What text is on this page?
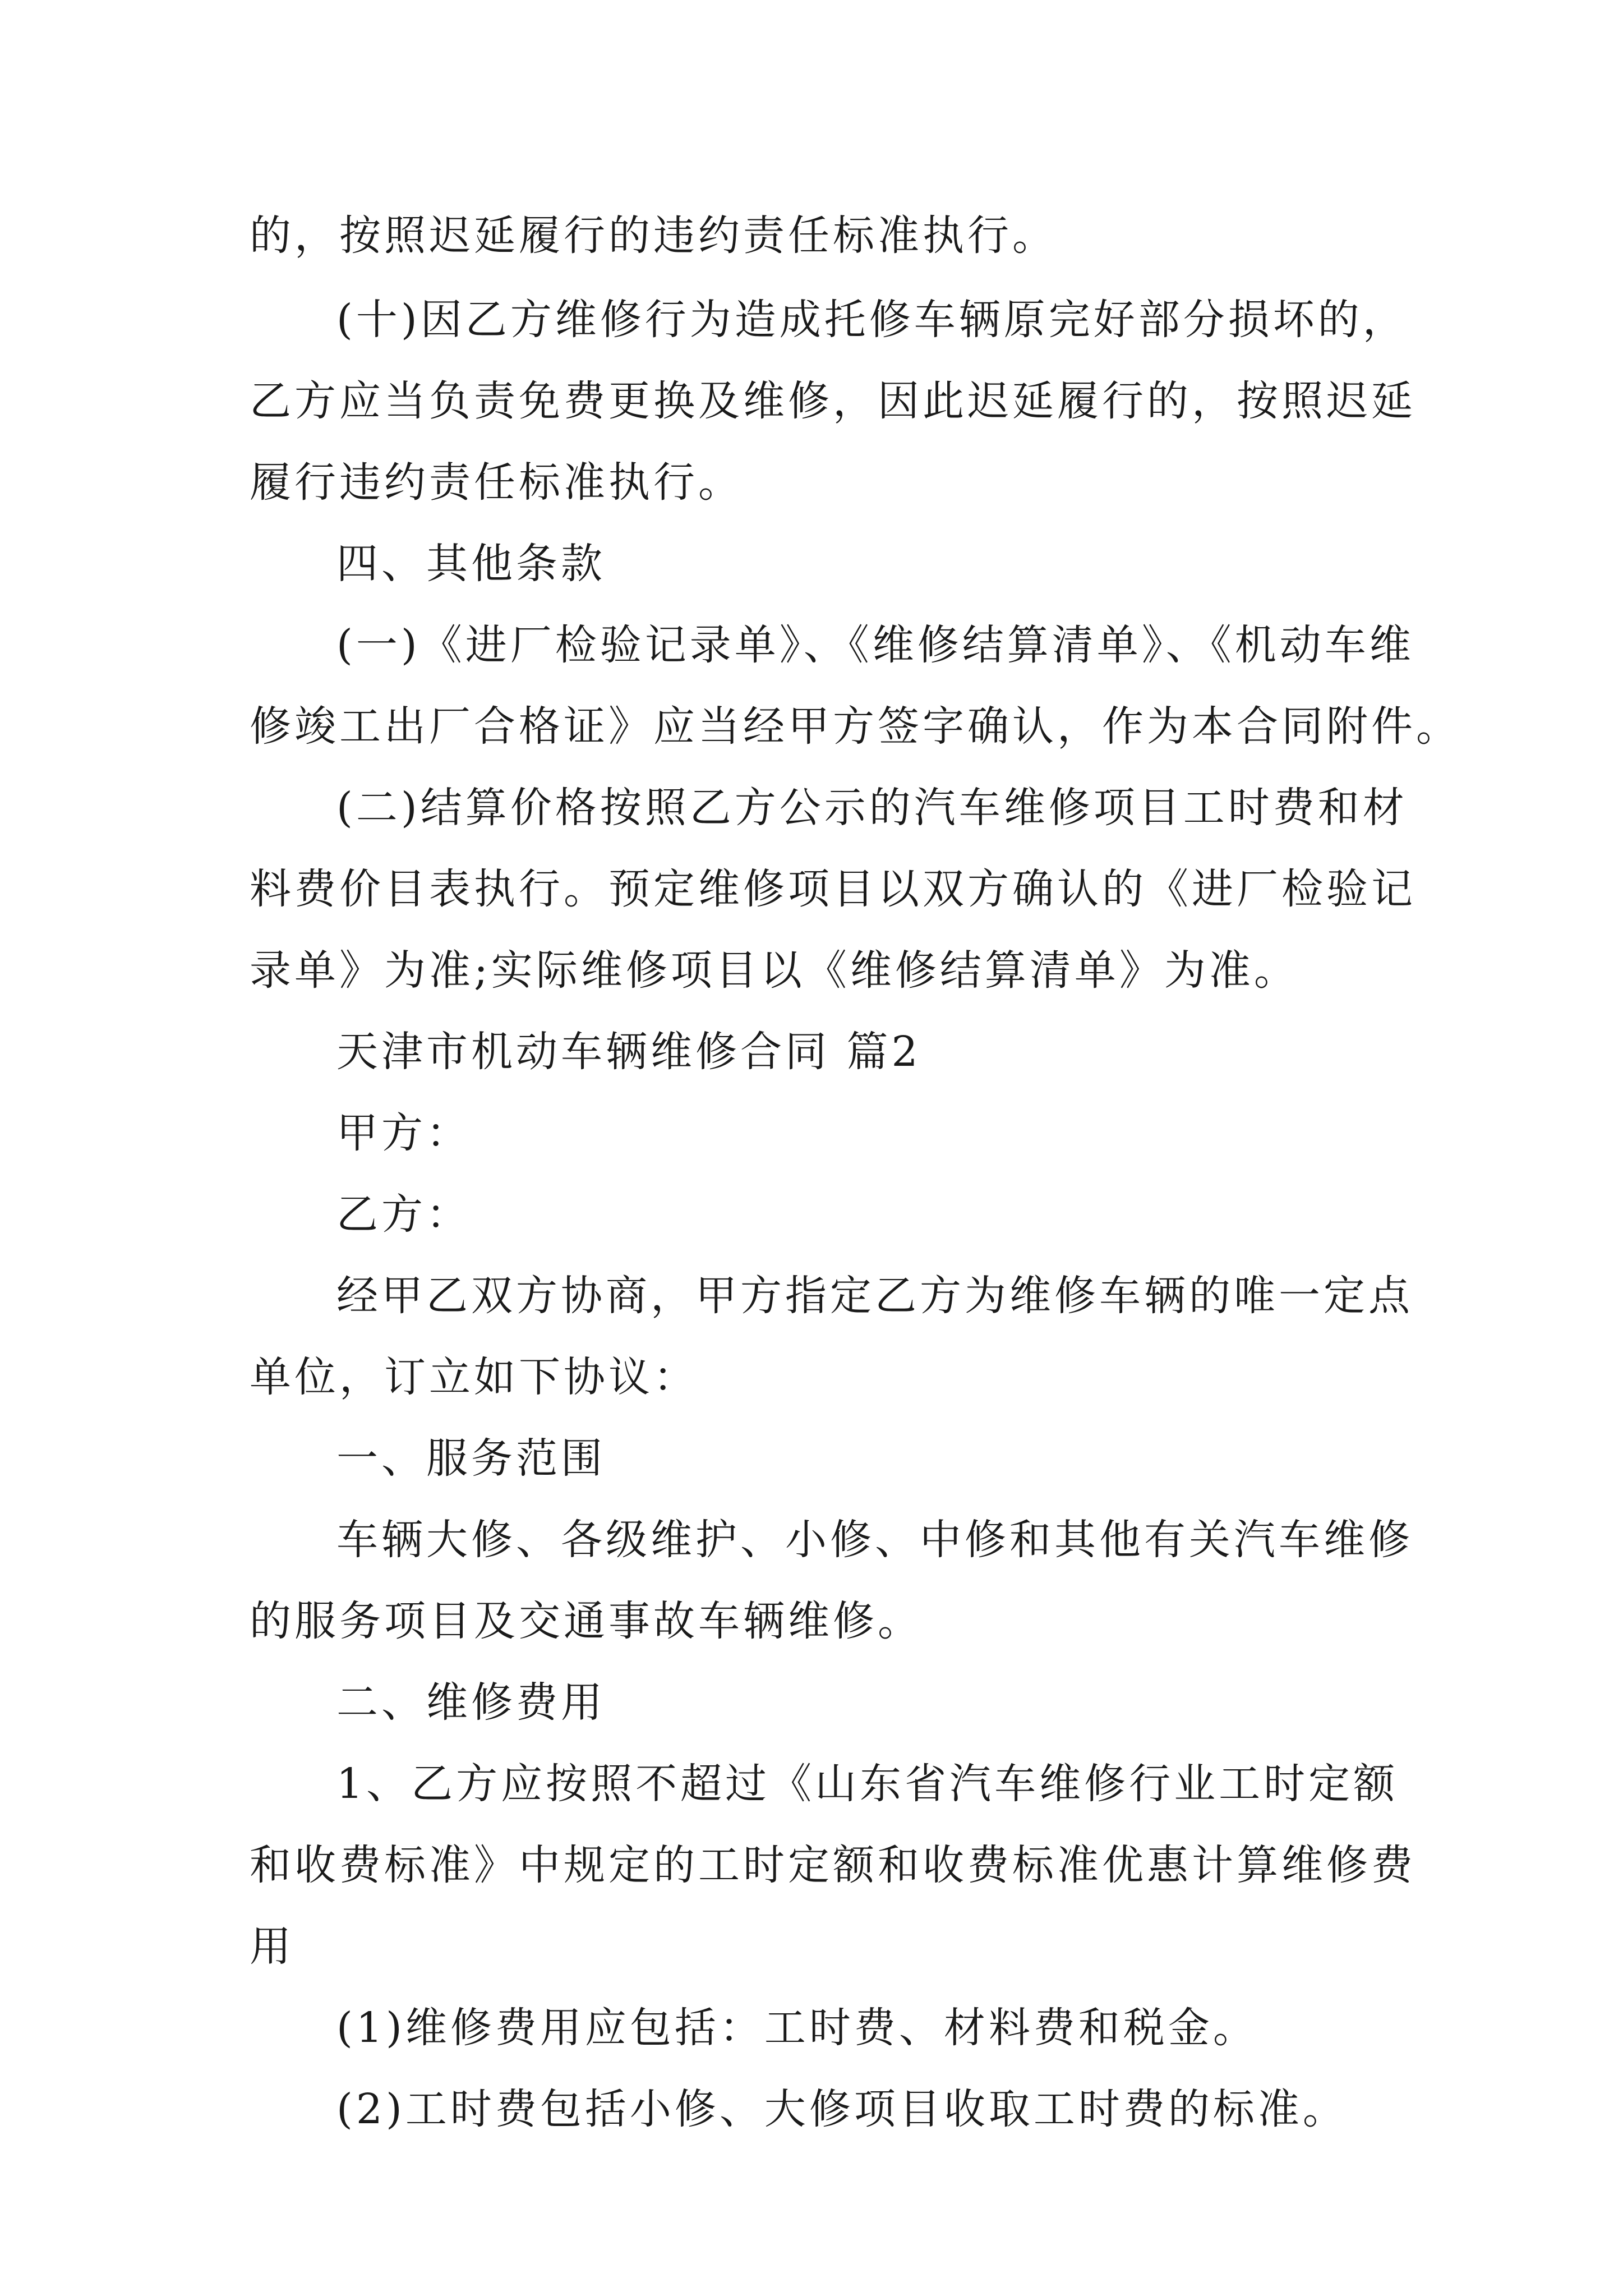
的，按照迟延履行的违约责任标准执行。
(十)因乙方维修行为造成托修车辆原完好部分损坏的，
乙方应当负责免费更换及维修，因此迟延履行的，按照迟延
履行违约责任标准执行。
四、其他条款
(一)《进厂检验记录单》、《维修结算清单》、《机动车维
修竣工出厂合格证》应当经甲方签字确认，作为本合同附件。
(二)结算价格按照乙方公示的汽车维修项目工时费和材
料费价目表执行。预定维修项目以双方确认的《进厂检验记
录单》为准;实际维修项目以《维修结算清单》为准。
天津市机动车辆维修合同 篇2
甲方：
乙方：
经甲乙双方协商，甲方指定乙方为维修车辆的唯一定点
单位，订立如下协议：
一、服务范围
车辆大修、各级维护、小修、中修和其他有关汽车维修
的服务项目及交通事故车辆维修。
二、维修费用
1、乙方应按照不超过《山东省汽车维修行业工时定额
和收费标准》中规定的工时定额和收费标准优惠计算维修费
用
(1)维修费用应包括：工时费、材料费和税金。
(2)工时费包括小修、大修项目收取工时费的标准。
